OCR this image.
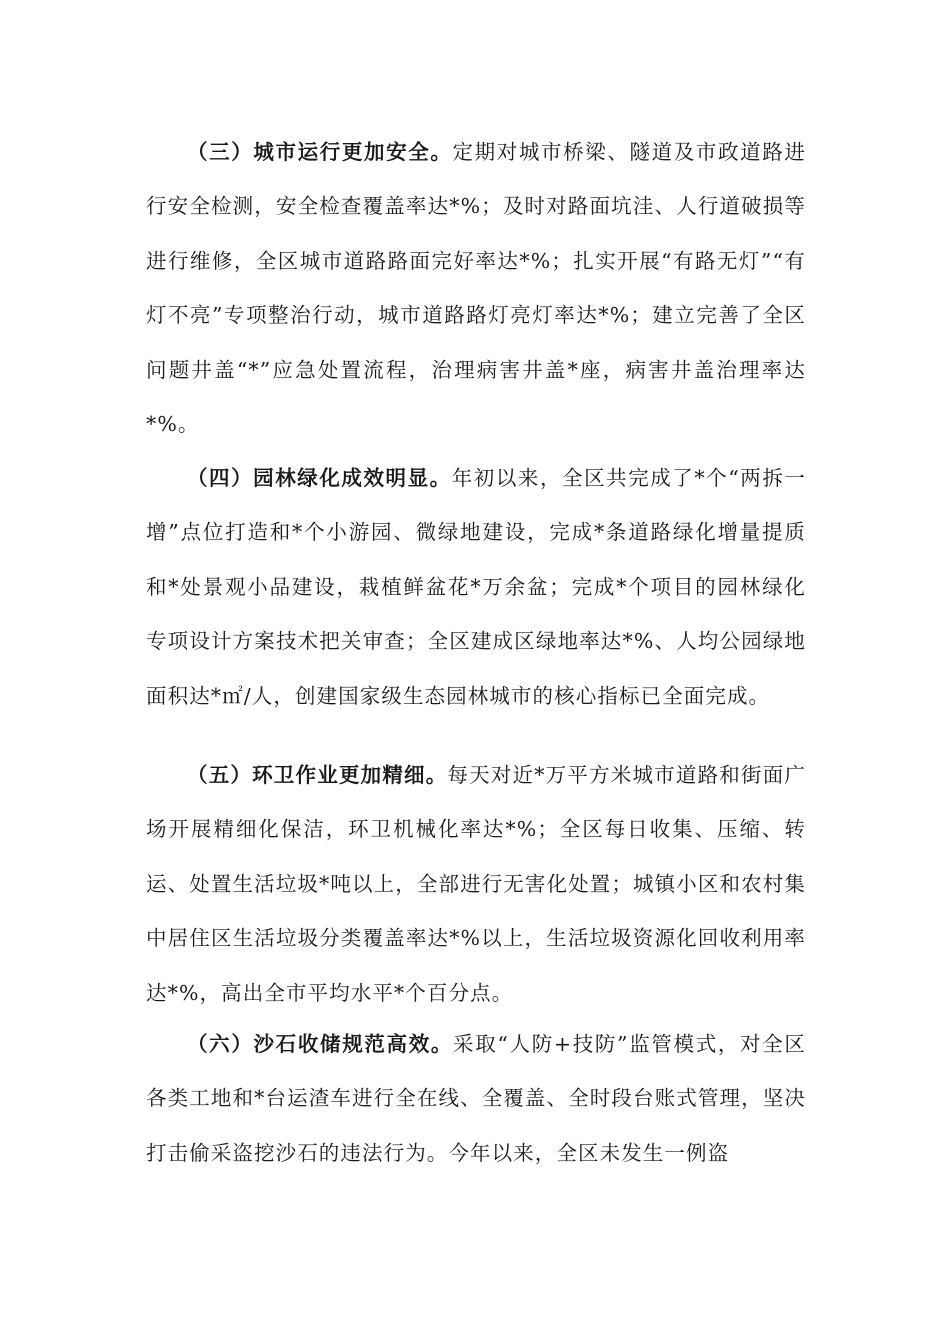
（三）城市运行更加安全。定期对城市桥梁、隧道及市政道路进行安全检测，安全检查覆盖率达*%；及时对路面坑洼、人行道破损等进行维修，全区城市道路路面完好率达*%；扎实开展“有路无灯”“有灯不亮”专项整治行动，城市道路路灯亮灯率达*%；建立完善了全区问题井盖“*”应急处置流程，治理病害井盖*座，病害井盖治理率达*%。

（四）园林绿化成效明显。年初以来，全区共完成了*个“两拆一增”点位打造和*个小游园、微绿地建设，完成*条道路绿化增量提质和*处景观小品建设，栽植鲜盆花*万余盆；完成*个项目的园林绿化专项设计方案技术把关审查；全区建成区绿地率达*%、人均公园绿地面积达*㎡/人，创建国家级生态园林城市的核心指标已全面完成。

（五）环卫作业更加精细。每天对近*万平方米城市道路和街面广场开展精细化保洁，环卫机械化率达*%；全区每日收集、压缩、转运、处置生活垃圾*吨以上，全部进行无害化处置；城镇小区和农村集中居住区生活垃圾分类覆盖率达*%以上，生活垃圾资源化回收利用率达*%，高出全市平均水平*个百分点。

（六）沙石收储规范高效。采取“人防+技防”监管模式，对全区各类工地和*台运渣车进行全在线、全覆盖、全时段台账式管理，坚决打击偷采盗挖沙石的违法行为。今年以来，全区未发生一例盗
